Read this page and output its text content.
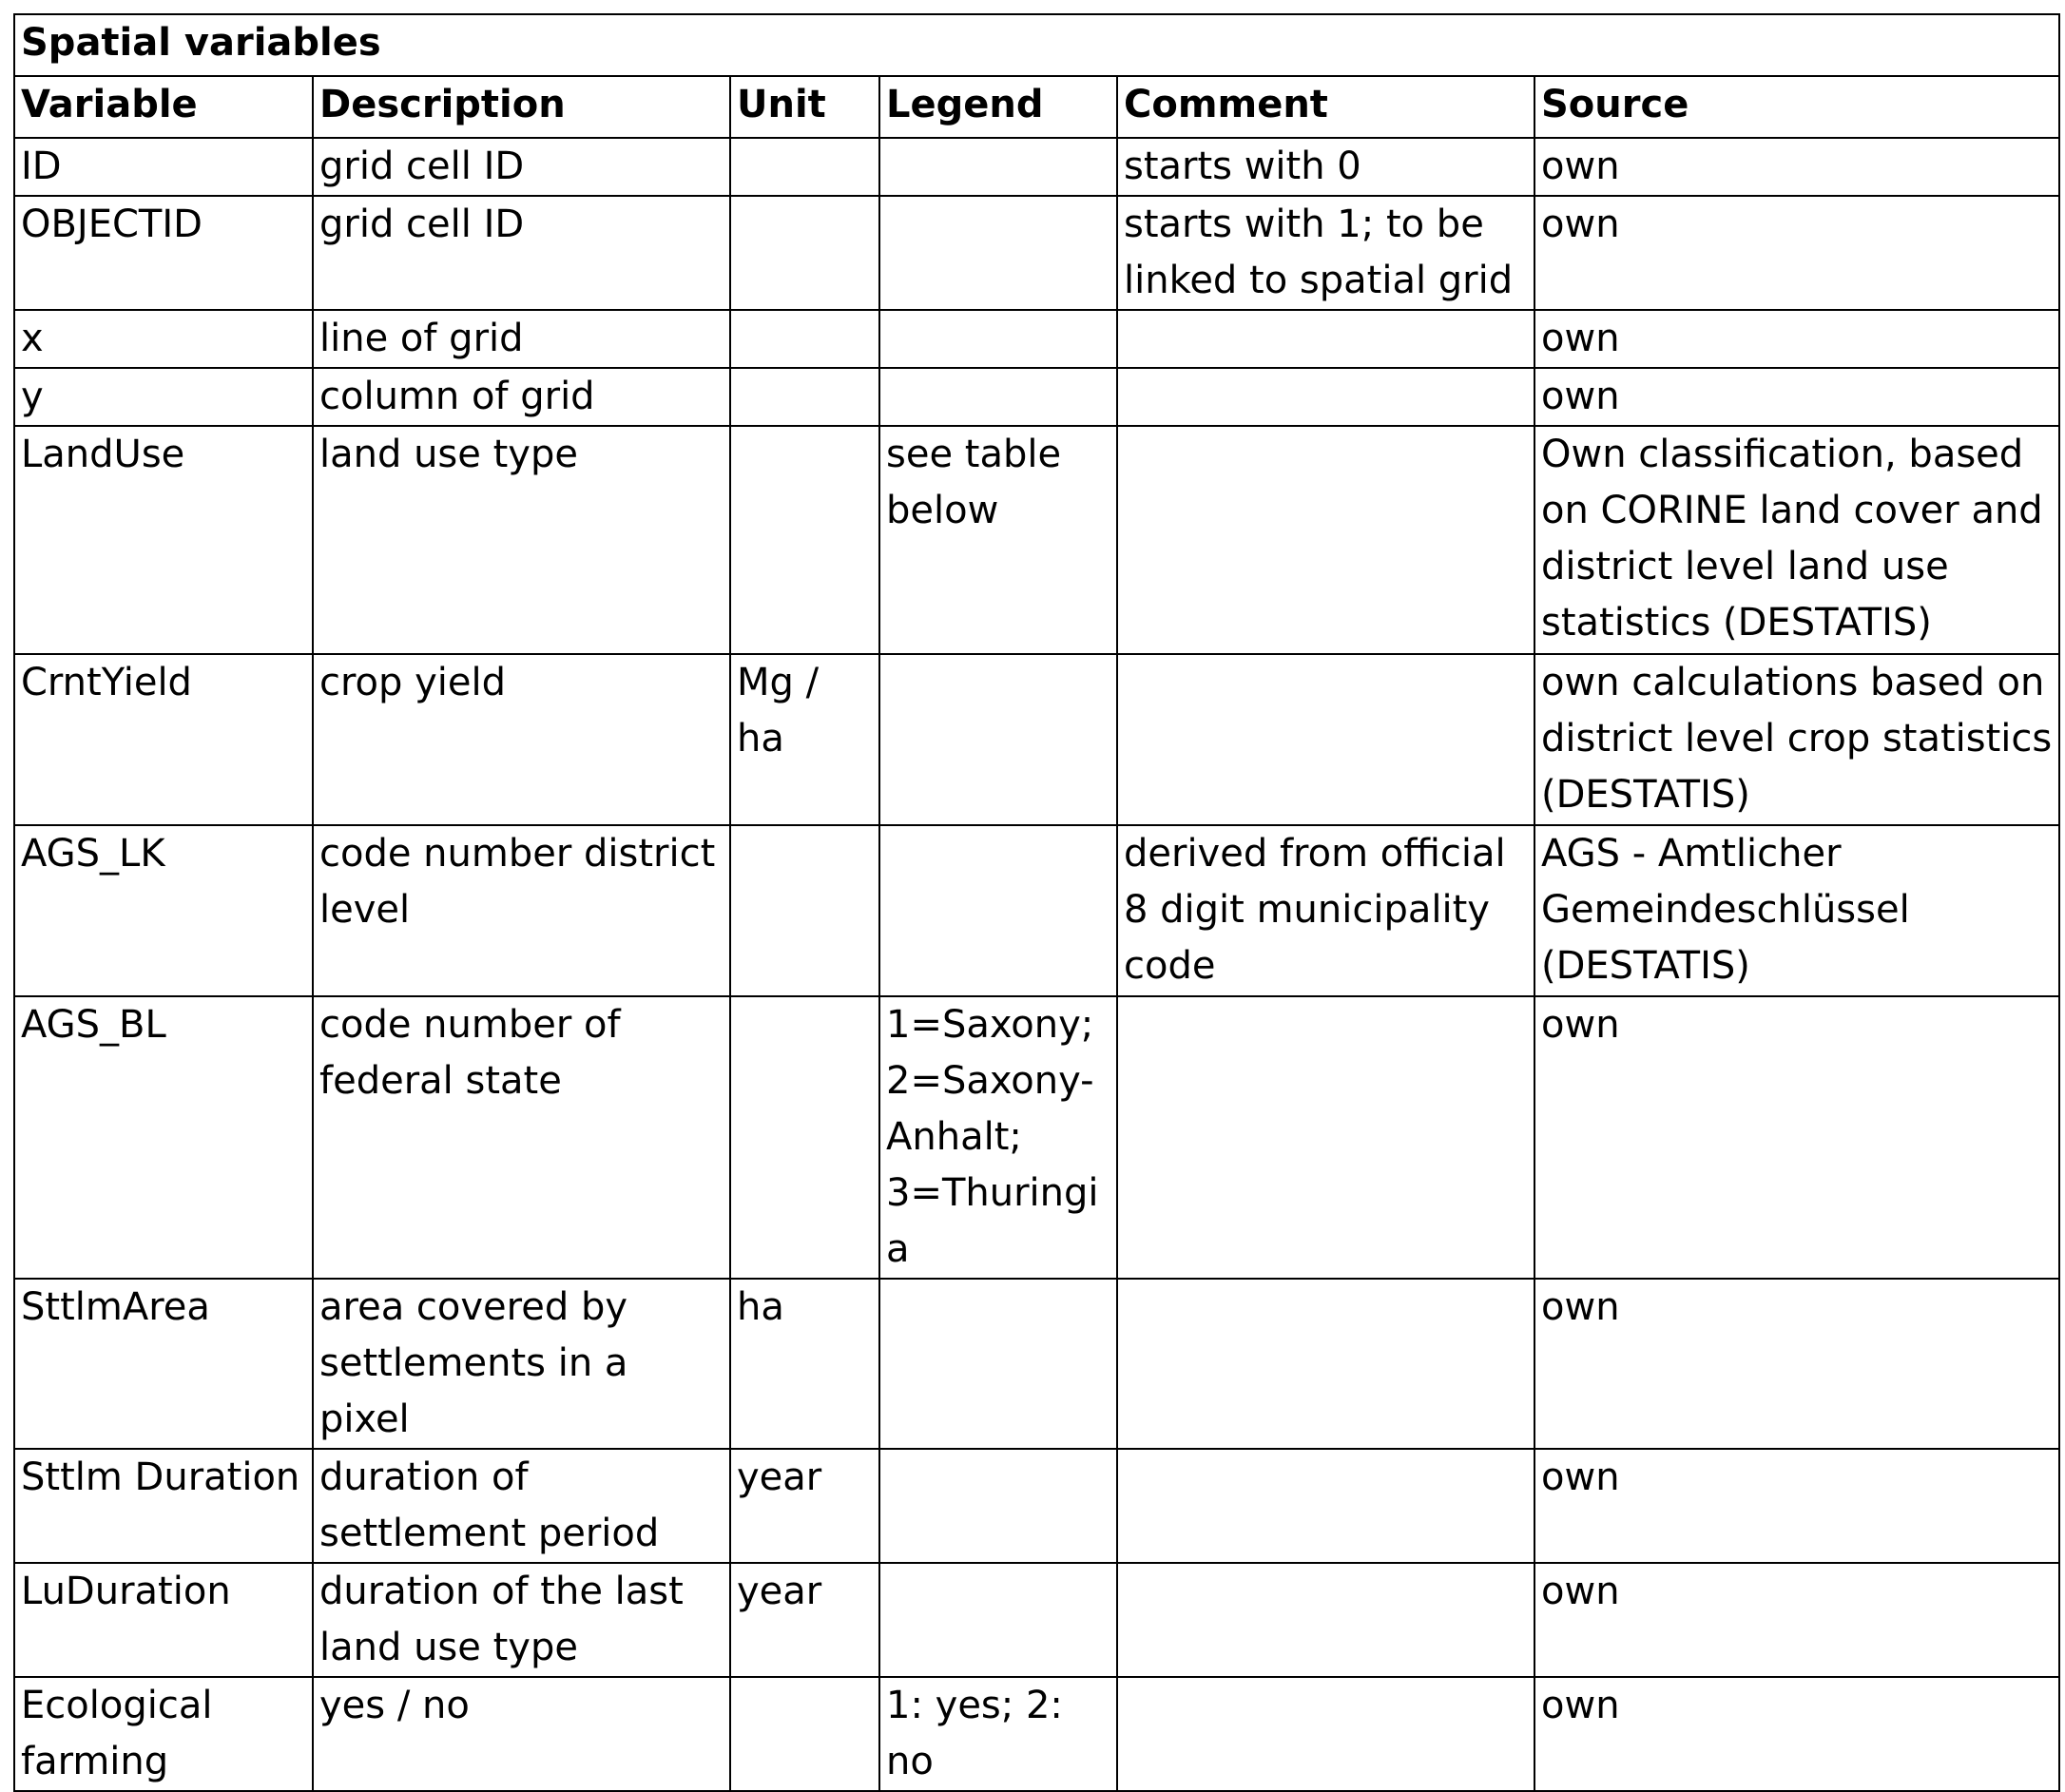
Spatial variables					
Variable	Description	Unit	Legend	Comment	Source
ID	grid cell ID			starts with 0	own
OBJECTID	grid cell ID			starts with 1; to be linked to spatial grid	own
x	line of grid				own
y	column of grid				own
LandUse	land use type		see table below		Own classification, based on CORINE land cover and district level land use statistics (DESTATIS)
CrntYield	crop yield	Mg / ha			own calculations based on district level crop statistics (DESTATIS)
AGS_LK	code number district level			derived from official 8 digit municipality code	AGS - Amtlicher Gemeindeschlüssel (DESTATIS)
AGS_BL	code number of federal state		1=Saxony; 2=Saxony-Anhalt; 3=Thuringia		own
SttlmArea	area covered by settlements in a pixel	ha			own
Sttlm Duration	duration of settlement period	year			own
LuDuration	duration of the last land use type	year			own
Ecological farming	yes / no		1: yes; 2: no		own
